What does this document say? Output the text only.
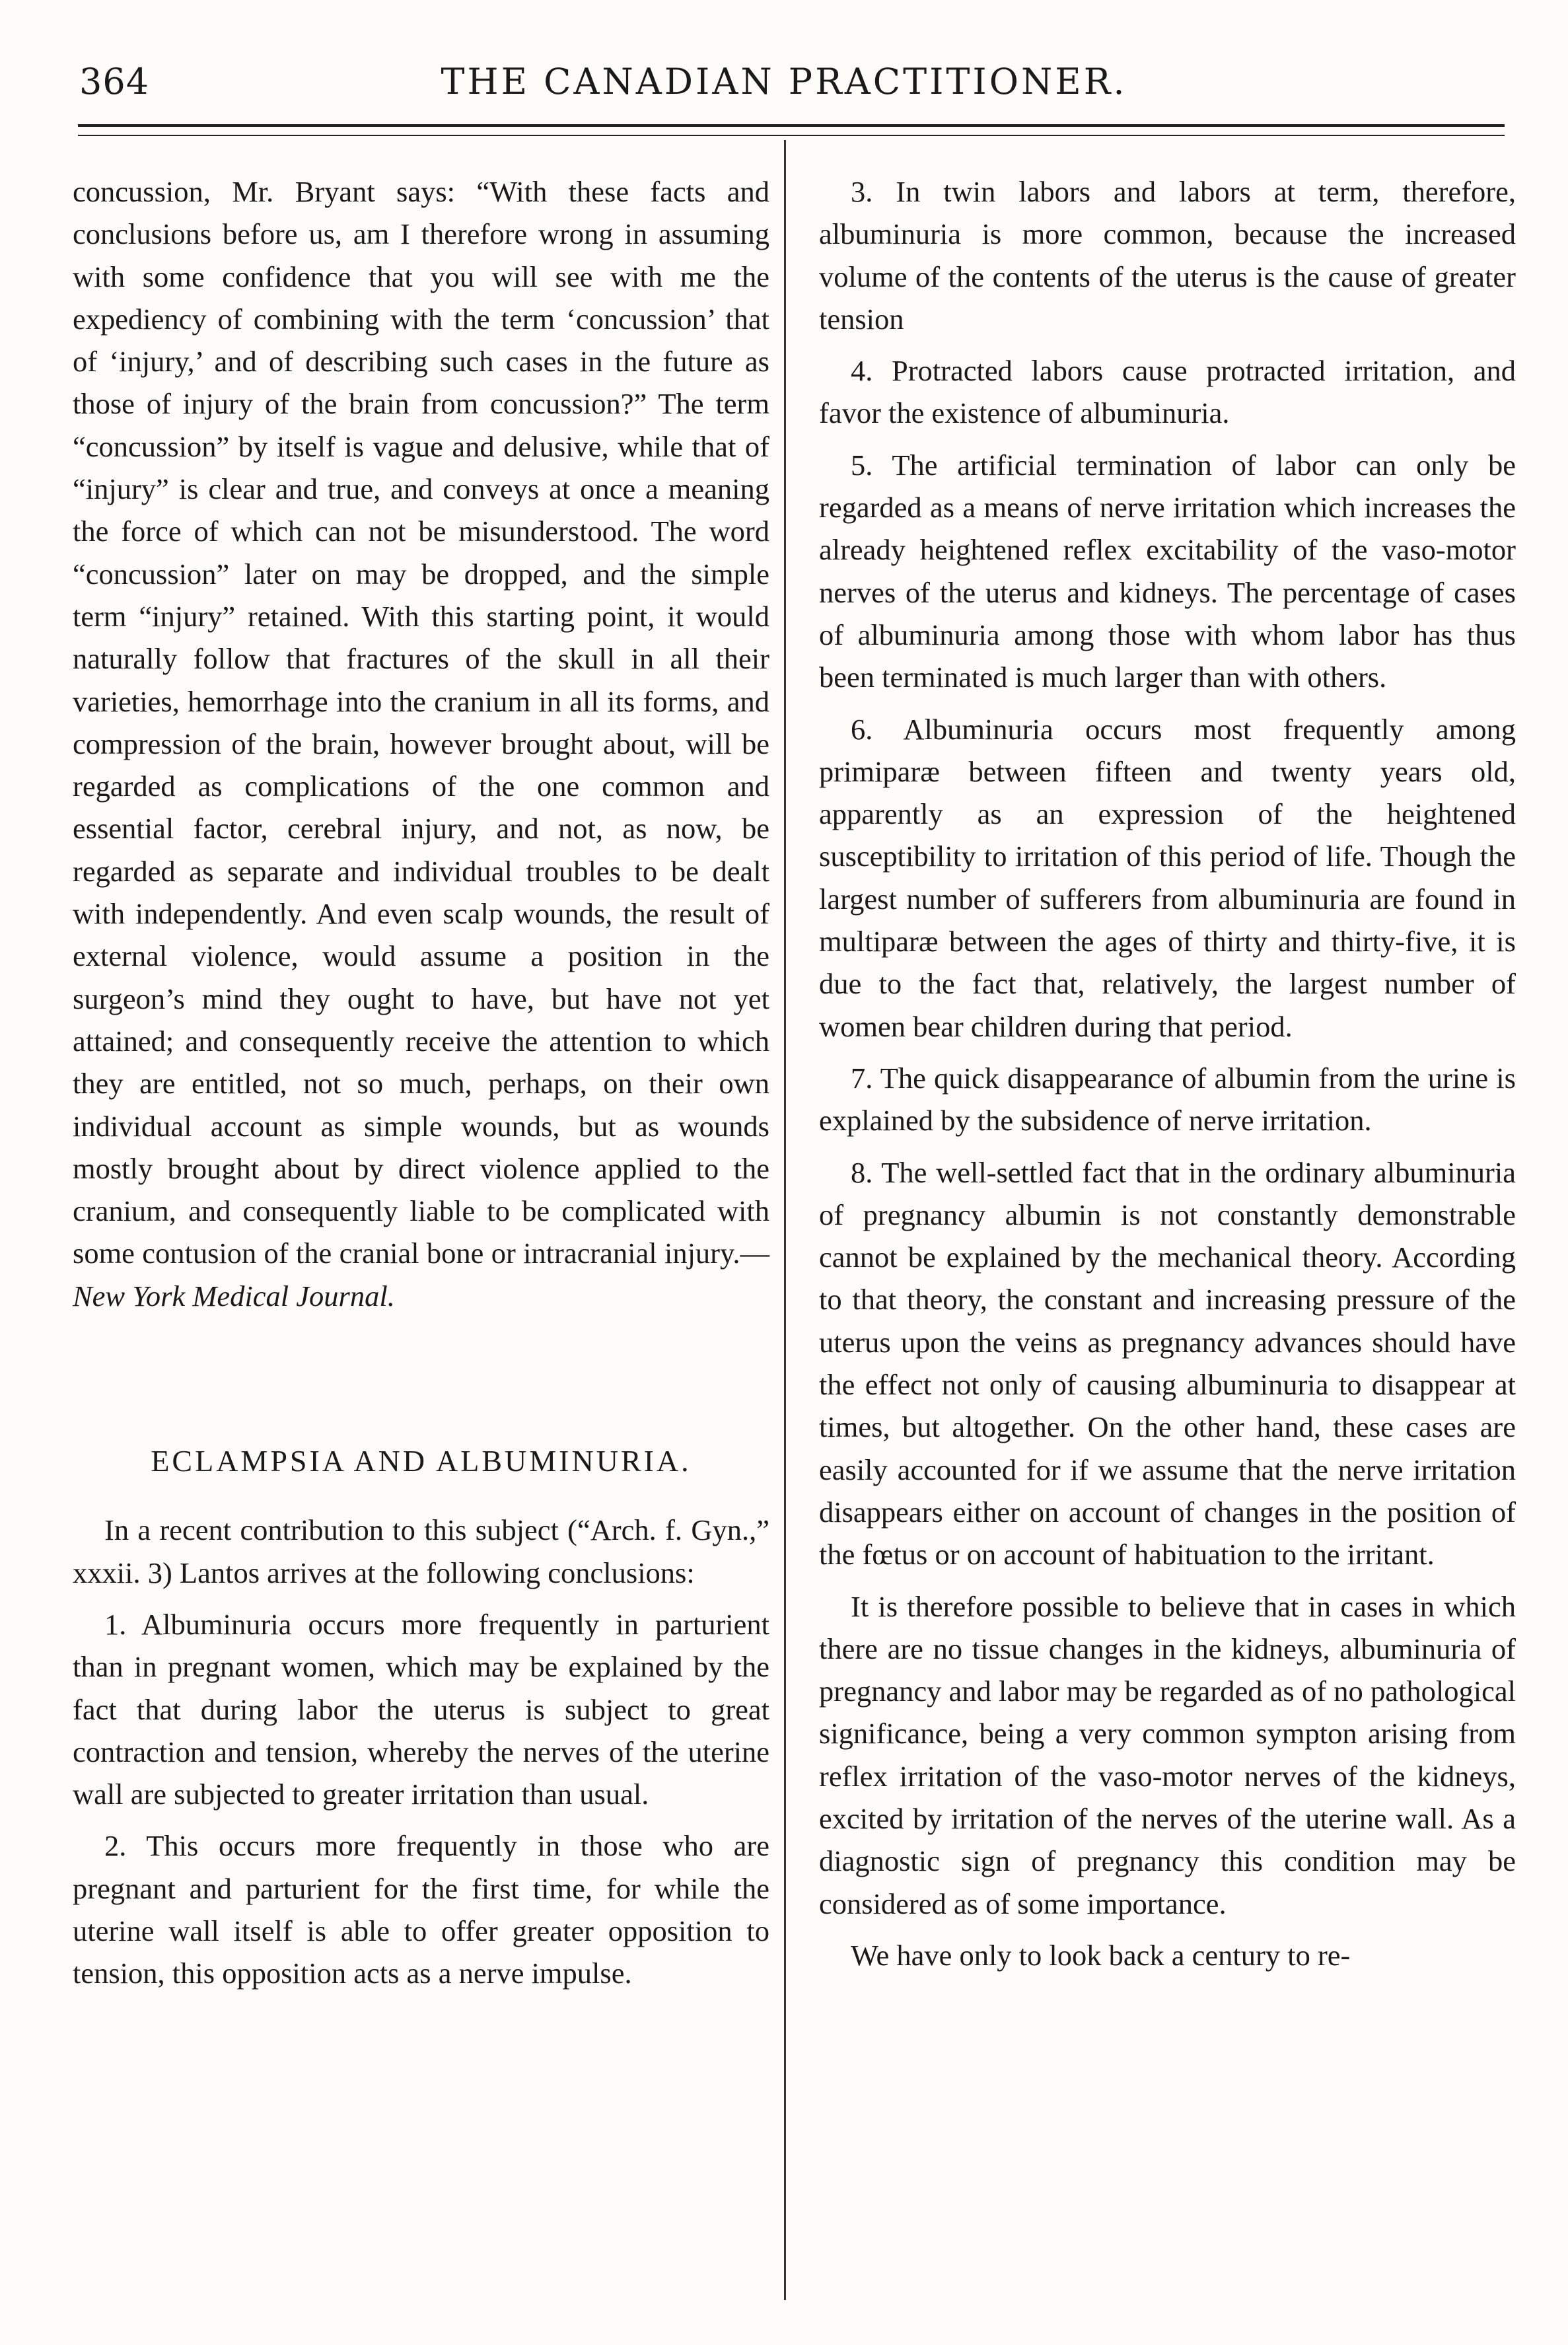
364	THE CANADIAN PRACTITIONER.

concussion, Mr. Bryant says: “With these facts and conclusions before us, am I therefore wrong in assuming with some confidence that you will see with me the expediency of combining with the term ‘concussion’ that of ‘injury,’ and of describing such cases in the future as those of injury of the brain from concussion?” The term “concussion” by itself is vague and delusive, while that of “injury” is clear and true, and conveys at once a meaning the force of which can not be misunderstood. The word “concussion” later on may be dropped, and the simple term “injury” retained. With this starting point, it would naturally follow that fractures of the skull in all their varieties, hemorrhage into the cranium in all its forms, and compression of the brain, however brought about, will be regarded as complications of the one common and essential factor, cerebral injury, and not, as now, be regarded as separate and individual troubles to be dealt with independently. And even scalp wounds, the result of external violence, would assume a position in the surgeon’s mind they ought to have, but have not yet attained; and consequently receive the attention to which they are entitled, not so much, perhaps, on their own individual account as simple wounds, but as wounds mostly brought about by direct violence applied to the cranium, and consequently liable to be complicated with some contusion of the cranial bone or intracranial injury.—New York Medical Journal.

ECLAMPSIA AND ALBUMINURIA.

In a recent contribution to this subject (“Arch. f. Gyn.,” xxxii. 3) Lantos arrives at the following conclusions:

1. Albuminuria occurs more frequently in parturient than in pregnant women, which may be explained by the fact that during labor the uterus is subject to great contraction and tension, whereby the nerves of the uterine wall are subjected to greater irritation than usual.

2. This occurs more frequently in those who are pregnant and parturient for the first time, for while the uterine wall itself is able to offer greater opposition to tension, this opposition acts as a nerve impulse.

3. In twin labors and labors at term, therefore, albuminuria is more common, because the increased volume of the contents of the uterus is the cause of greater tension

4. Protracted labors cause protracted irritation, and favor the existence of albuminuria.

5. The artificial termination of labor can only be regarded as a means of nerve irritation which increases the already heightened reflex excitability of the vaso-motor nerves of the uterus and kidneys. The percentage of cases of albuminuria among those with whom labor has thus been terminated is much larger than with others.

6. Albuminuria occurs most frequently among primiparæ between fifteen and twenty years old, apparently as an expression of the heightened susceptibility to irritation of this period of life. Though the largest number of sufferers from albuminuria are found in multiparæ between the ages of thirty and thirty-five, it is due to the fact that, relatively, the largest number of women bear children during that period.

7. The quick disappearance of albumin from the urine is explained by the subsidence of nerve irritation.

8. The well-settled fact that in the ordinary albuminuria of pregnancy albumin is not constantly demonstrable cannot be explained by the mechanical theory. According to that theory, the constant and increasing pressure of the uterus upon the veins as pregnancy advances should have the effect not only of causing albuminuria to disappear at times, but altogether. On the other hand, these cases are easily accounted for if we assume that the nerve irritation disappears either on account of changes in the position of the fœtus or on account of habituation to the irritant.

It is therefore possible to believe that in cases in which there are no tissue changes in the kidneys, albuminuria of pregnancy and labor may be regarded as of no pathological significance, being a very common sympton arising from reflex irritation of the vaso-motor nerves of the kidneys, excited by irritation of the nerves of the uterine wall. As a diagnostic sign of pregnancy this condition may be considered as of some importance.

We have only to look back a century to re-
